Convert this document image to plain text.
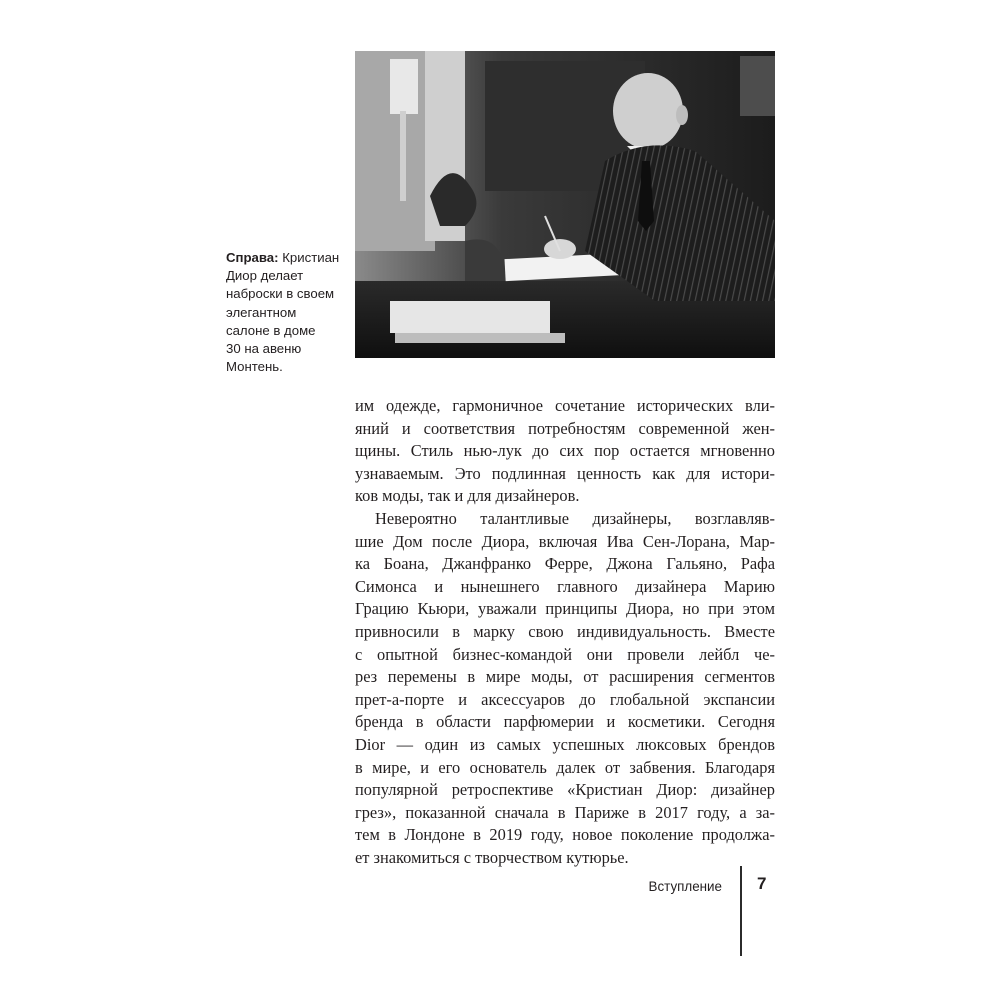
Справа: Кристиан
Диор делает
наброски в своем
элегантном
салоне в доме
30 на авеню
Монтень.
им одежде, гармоничное сочетание исторических вли-
яний и соответствия потребностям современной жен-
щины. Стиль нью-лук до сих пор остается мгновенно
узнаваемым. Это подлинная ценность как для истори-
ков моды, так и для дизайнеров.
Невероятно талантливые дизайнеры, возглавляв-
шие Дом после Диора, включая Ива Сен-Лорана, Мар-
ка Боана, Джанфранко Ферре, Джона Гальяно, Рафа
Симонса и нынешнего главного дизайнера Марию
Грацию Кьюри, уважали принципы Диора, но при этом
привносили в марку свою индивидуальность. Вместе
с опытной бизнес-командой они провели лейбл че-
рез перемены в мире моды, от расширения сегментов
прет-а-порте и аксессуаров до глобальной экспансии
бренда в области парфюмерии и косметики. Сегодня
Dior — один из самых успешных люксовых брендов
в мире, и его основатель далек от забвения. Благодаря
популярной ретроспективе «Кристиан Диор: дизайнер
грез», показанной сначала в Париже в 2017 году, а за-
тем в Лондоне в 2019 году, новое поколение продолжа-
ет знакомиться с творчеством кутюрье.
Вступление 7
